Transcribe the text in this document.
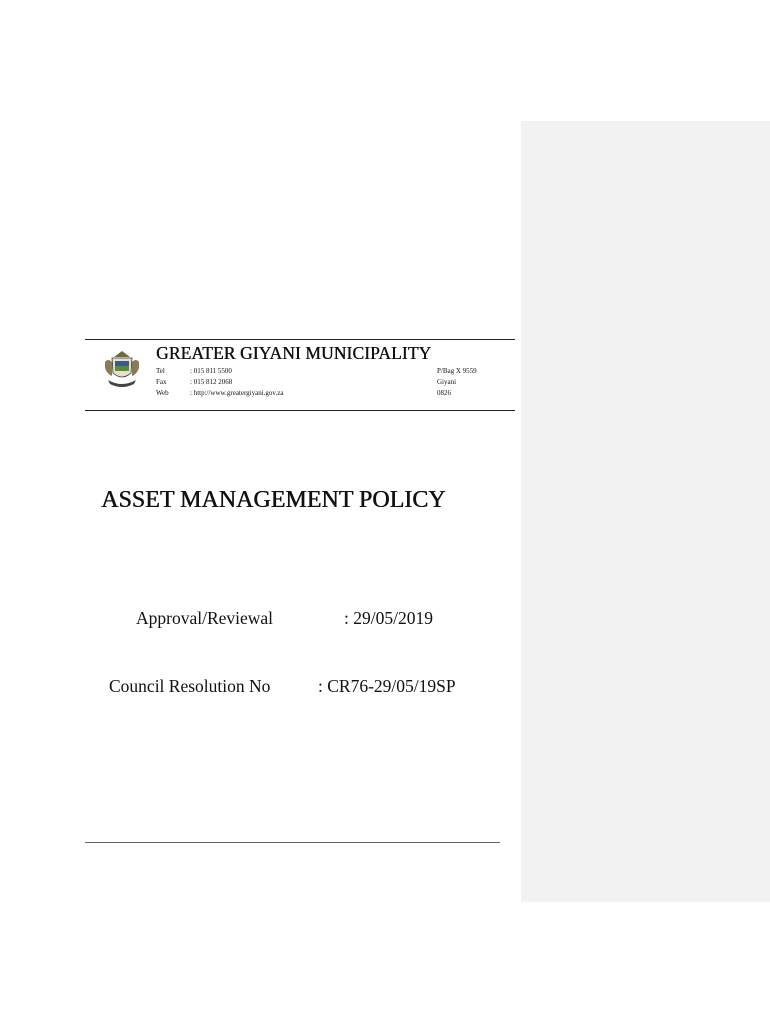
GREATER GIYANI MUNICIPALITY
Tel
Fax
Web
: 015 811 5500
: 015 812 2068
: http://www.greatergiyani.gov.za
P/Bag X 9559
Giyani
0826
ASSET MANAGEMENT POLICY
Approval/Reviewal	: 29/05/2019
Council Resolution No	: CR76-29/05/19SP
